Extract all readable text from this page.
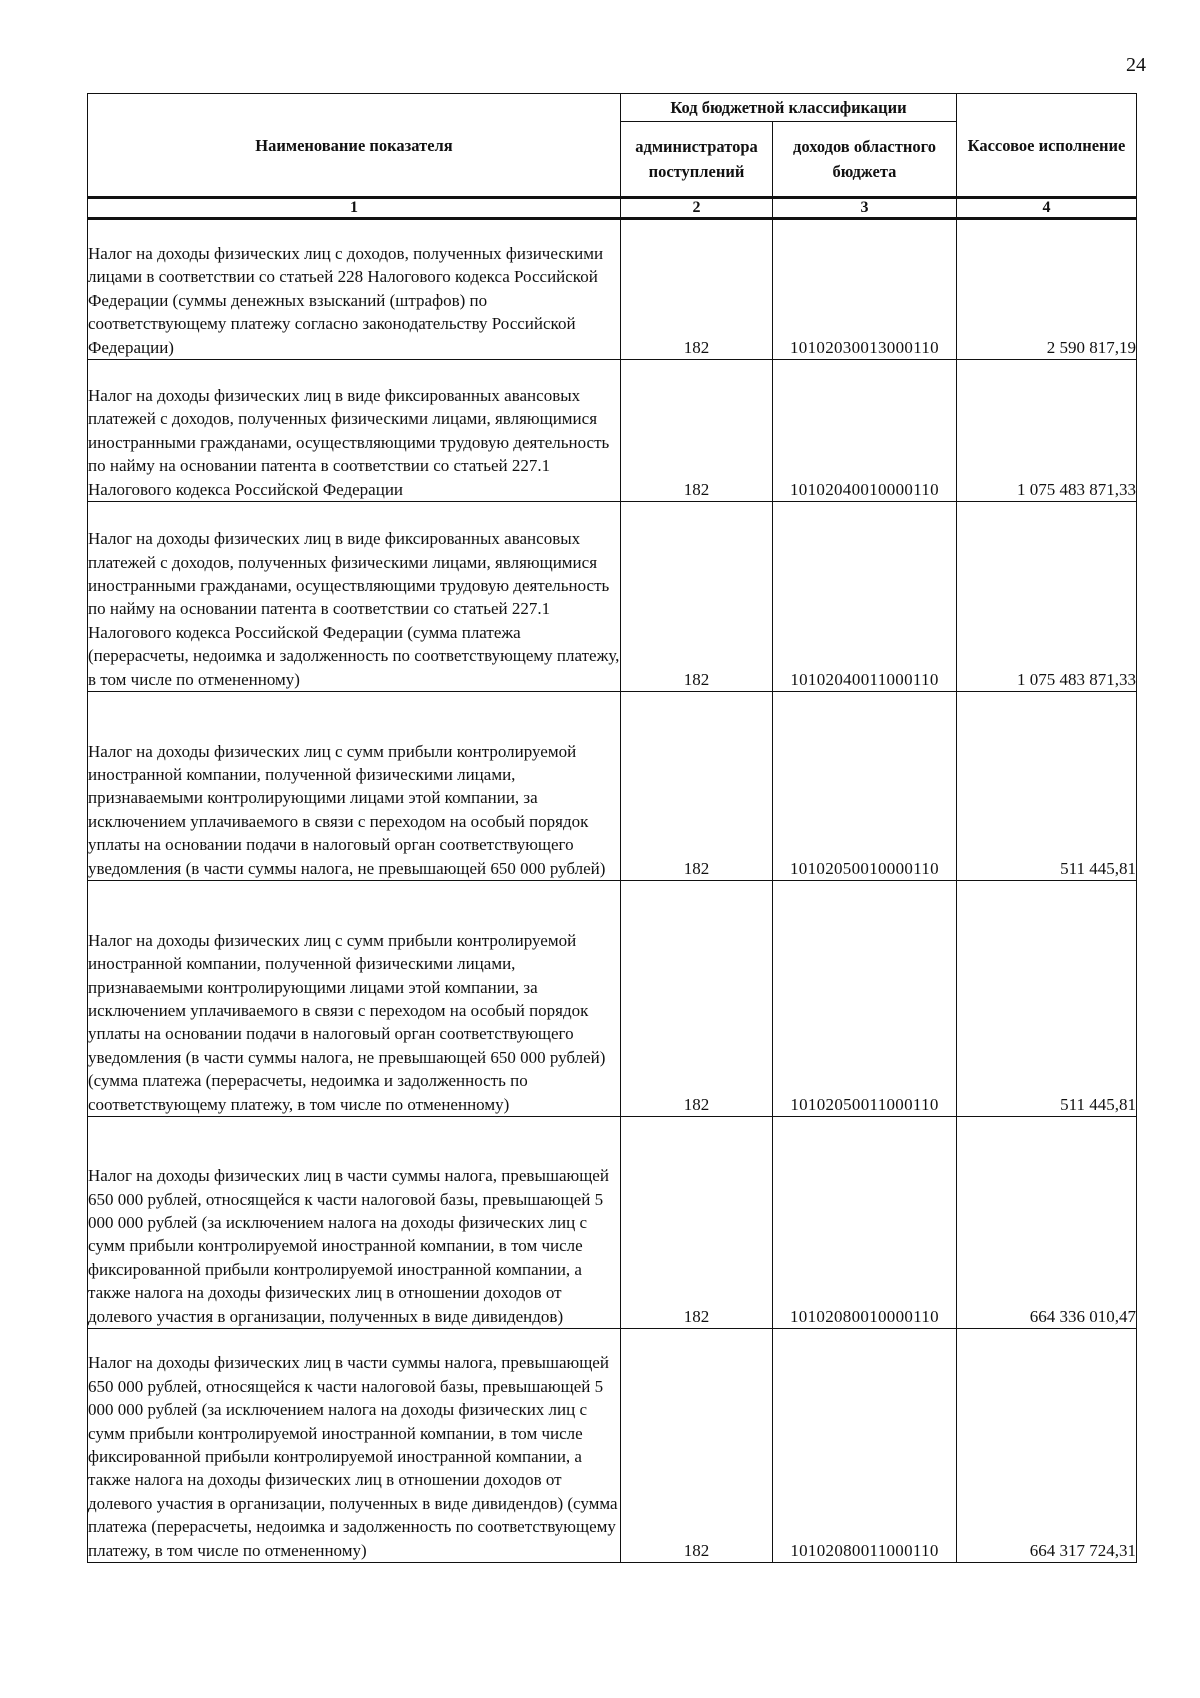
24
Наименование показателя	Код бюджетной классификации		Кассовое исполнение
	администратора поступлений	доходов областного бюджета	
1	2	3	4
Налог на доходы физических лиц с доходов, полученных физическими лицами в соответствии со статьей 228 Налогового кодекса Российской Федерации (суммы денежных взысканий (штрафов) по соответствующему платежу согласно законодательству Российской Федерации)	182	10102030013000110	2 590 817,19
Налог на доходы физических лиц в виде фиксированных авансовых платежей с доходов, полученных физическими лицами, являющимися иностранными гражданами, осуществляющими трудовую деятельность по найму на основании патента в соответствии со статьей 227.1 Налогового кодекса Российской Федерации	182	10102040010000110	1 075 483 871,33
Налог на доходы физических лиц в виде фиксированных авансовых платежей с доходов, полученных физическими лицами, являющимися иностранными гражданами, осуществляющими трудовую деятельность по найму на основании патента в соответствии со статьей 227.1 Налогового кодекса Российской Федерации (сумма платежа (перерасчеты, недоимка и задолженность по соответствующему платежу, в том числе по отмененному)	182	10102040011000110	1 075 483 871,33
Налог на доходы физических лиц с сумм прибыли контролируемой иностранной компании, полученной физическими лицами, признаваемыми контролирующими лицами этой компании, за исключением уплачиваемого в связи с переходом на особый порядок уплаты на основании подачи в налоговый орган соответствующего уведомления (в части суммы налога, не превышающей 650 000 рублей)	182	10102050010000110	511 445,81
Налог на доходы физических лиц с сумм прибыли контролируемой иностранной компании, полученной физическими лицами, признаваемыми контролирующими лицами этой компании, за исключением уплачиваемого в связи с переходом на особый порядок уплаты на основании подачи в налоговый орган соответствующего уведомления (в части суммы налога, не превышающей 650 000 рублей) (сумма платежа (перерасчеты, недоимка и задолженность по соответствующему платежу, в том числе по отмененному)	182	10102050011000110	511 445,81
Налог на доходы физических лиц в части суммы налога, превышающей 650 000 рублей, относящейся к части налоговой базы, превышающей 5 000 000 рублей (за исключением налога на доходы физических лиц с сумм прибыли контролируемой иностранной компании, в том числе фиксированной прибыли контролируемой иностранной компании, а также налога на доходы физических лиц в отношении доходов от долевого участия в организации, полученных в виде дивидендов)	182	10102080010000110	664 336 010,47
Налог на доходы физических лиц в части суммы налога, превышающей 650 000 рублей, относящейся к части налоговой базы, превышающей 5 000 000 рублей (за исключением налога на доходы физических лиц с сумм прибыли контролируемой иностранной компании, в том числе фиксированной прибыли контролируемой иностранной компании, а также налога на доходы физических лиц в отношении доходов от долевого участия в организации, полученных в виде дивидендов) (сумма платежа (перерасчеты, недоимка и задолженность по соответствующему платежу, в том числе по отмененному)	182	10102080011000110	664 317 724,31
